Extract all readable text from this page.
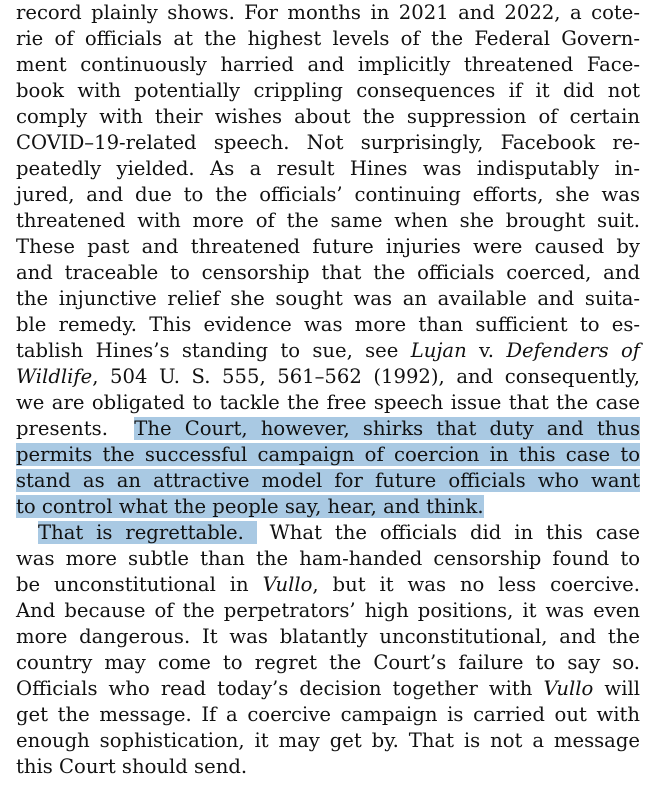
record plainly shows. For months in 2021 and 2022, a cote-
rie of officials at the highest levels of the Federal Govern-
ment continuously harried and implicitly threatened Face-
book with potentially crippling consequences if it did not
comply with their wishes about the suppression of certain
COVID–19-related speech. Not surprisingly, Facebook re-
peatedly yielded. As a result Hines was indisputably in-
jured, and due to the officials’ continuing efforts, she was
threatened with more of the same when she brought suit.
These past and threatened future injuries were caused by
and traceable to censorship that the officials coerced, and
the injunctive relief she sought was an available and suita-
ble remedy. This evidence was more than sufficient to es-
tablish Hines’s standing to sue, see Lujan v. Defenders of
Wildlife, 504 U. S. 555, 561–562 (1992), and consequently,
we are obligated to tackle the free speech issue that the case
presents.  The Court, however, shirks that duty and thus
permits the successful campaign of coercion in this case to
stand as an attractive model for future officials who want
to control what the people say, hear, and think.
That is regrettable.  What the officials did in this case
was more subtle than the ham-handed censorship found to
be unconstitutional in Vullo, but it was no less coercive.
And because of the perpetrators’ high positions, it was even
more dangerous. It was blatantly unconstitutional, and the
country may come to regret the Court’s failure to say so.
Officials who read today’s decision together with Vullo will
get the message. If a coercive campaign is carried out with
enough sophistication, it may get by. That is not a message
this Court should send.
